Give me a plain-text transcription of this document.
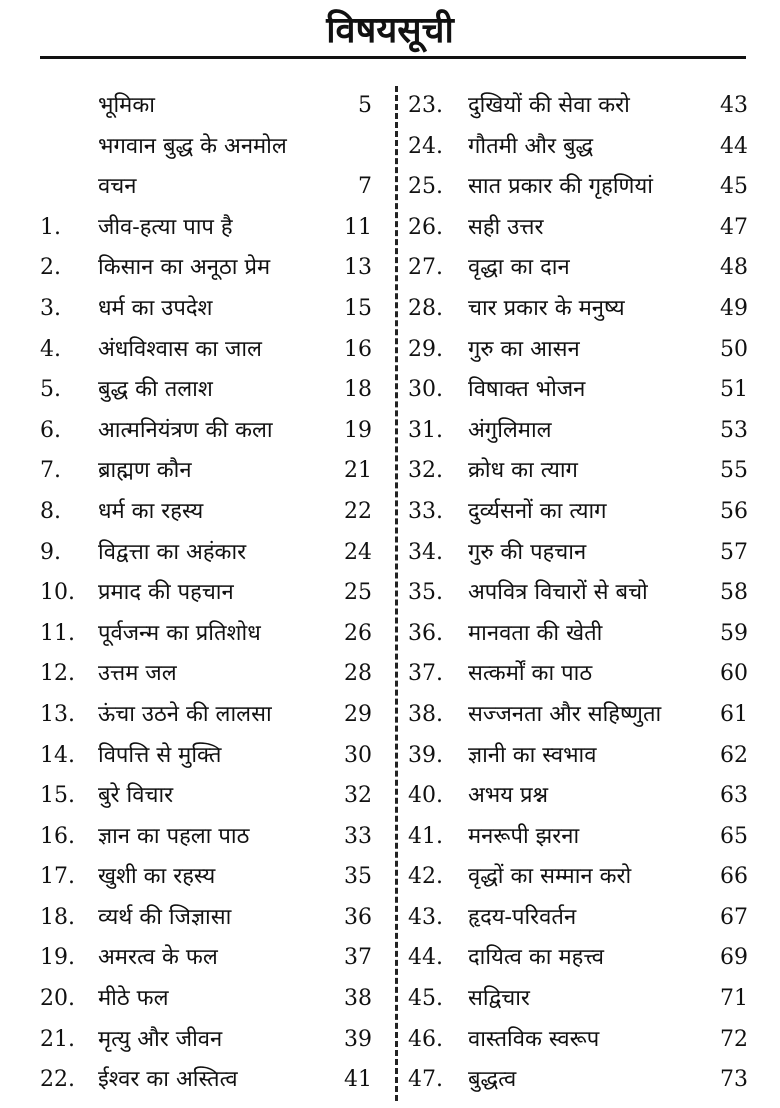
विषयसूची
भूमिका	5
भगवान बुद्ध के अनमोल
वचन	7
1. जीव-हत्या पाप है	11
2. किसान का अनूठा प्रेम	13
3. धर्म का उपदेश	15
4. अंधविश्वास का जाल	16
5. बुद्ध की तलाश	18
6. आत्मनियंत्रण की कला	19
7. ब्राह्मण कौन	21
8. धर्म का रहस्य	22
9. विद्वत्ता का अहंकार	24
10. प्रमाद की पहचान	25
11. पूर्वजन्म का प्रतिशोध	26
12. उत्तम जल	28
13. ऊंचा उठने की लालसा	29
14. विपत्ति से मुक्ति	30
15. बुरे विचार	32
16. ज्ञान का पहला पाठ	33
17. खुशी का रहस्य	35
18. व्यर्थ की जिज्ञासा	36
19. अमरत्व के फल	37
20. मीठे फल	38
21. मृत्यु और जीवन	39
22. ईश्वर का अस्तित्व	41
23. दुखियों की सेवा करो	43
24. गौतमी और बुद्ध	44
25. सात प्रकार की गृहणियां	45
26. सही उत्तर	47
27. वृद्धा का दान	48
28. चार प्रकार के मनुष्य	49
29. गुरु का आसन	50
30. विषाक्त भोजन	51
31. अंगुलिमाल	53
32. क्रोध का त्याग	55
33. दुर्व्यसनों का त्याग	56
34. गुरु की पहचान	57
35. अपवित्र विचारों से बचो	58
36. मानवता की खेती	59
37. सत्कर्मों का पाठ	60
38. सज्जनता और सहिष्णुता	61
39. ज्ञानी का स्वभाव	62
40. अभय प्रश्न	63
41. मनरूपी झरना	65
42. वृद्धों का सम्मान करो	66
43. हृदय-परिवर्तन	67
44. दायित्व का महत्त्व	69
45. सद्विचार	71
46. वास्तविक स्वरूप	72
47. बुद्धत्व	73
